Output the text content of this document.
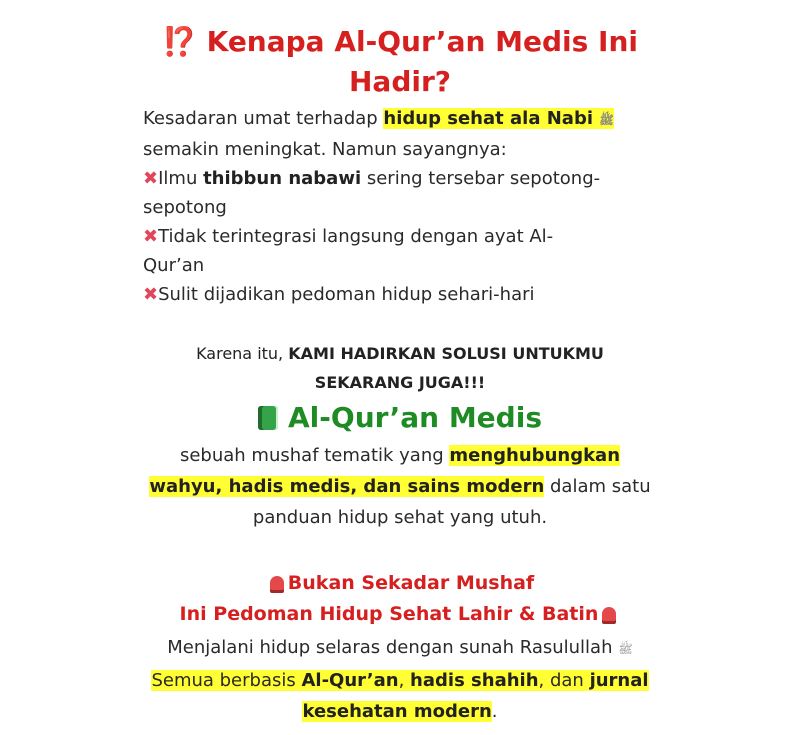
⁉️ Kenapa Al-Qur’an Medis Ini
Hadir?
Kesadaran umat terhadap hidup sehat ala Nabi ﷺ
semakin meningkat. Namun sayangnya:
✖Ilmu thibbun nabawi sering tersebar sepotong-
sepotong
✖Tidak terintegrasi langsung dengan ayat Al-
Qur’an
✖Sulit dijadikan pedoman hidup sehari-hari
Karena itu, KAMI HADIRKAN SOLUSI UNTUKMU
SEKARANG JUGA!!!
Al-Qur’an Medis
sebuah mushaf tematik yang menghubungkan
wahyu, hadis medis, dan sains modern dalam satu
panduan hidup sehat yang utuh.
Bukan Sekadar Mushaf
Ini Pedoman Hidup Sehat Lahir & Batin
Menjalani hidup selaras dengan sunah Rasulullah ﷺ
Semua berbasis Al-Qur’an, hadis shahih, dan jurnal
kesehatan modern.
